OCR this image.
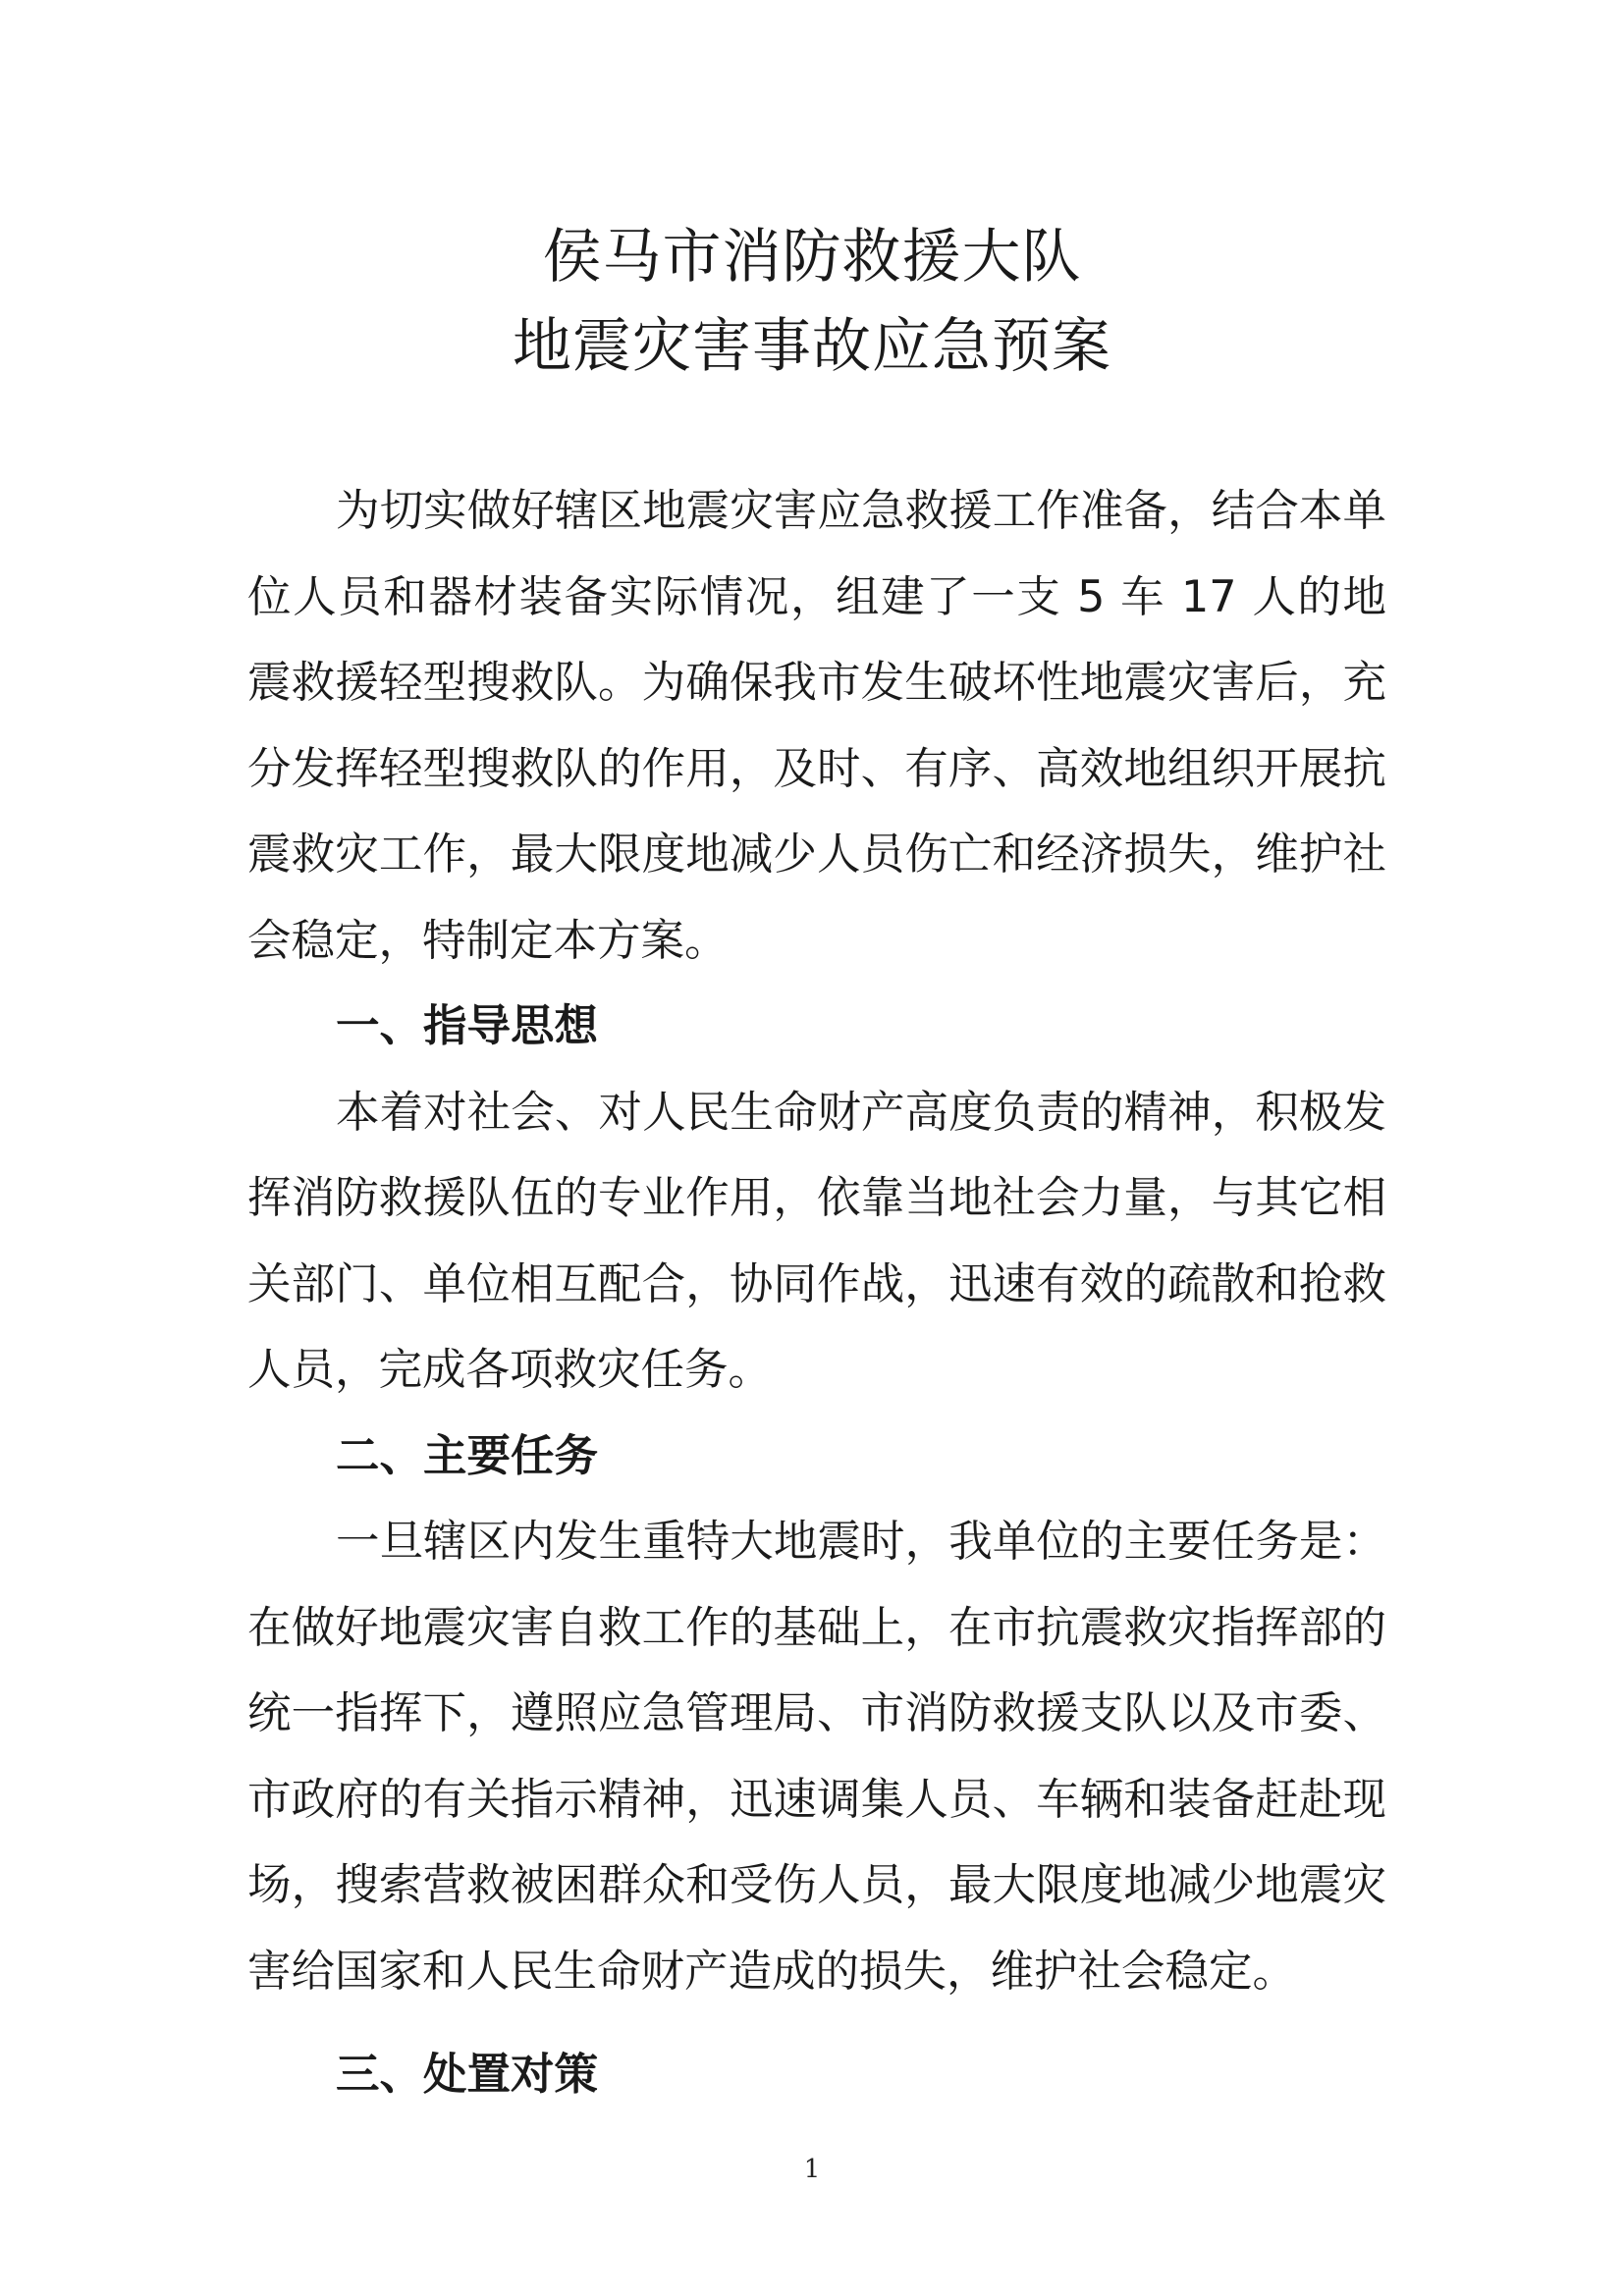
侯马市消防救援大队
地震灾害事故应急预案

为切实做好辖区地震灾害应急救援工作准备，结合本单位人员和器材装备实际情况，组建了一支 5 车 17 人的地震救援轻型搜救队。为确保我市发生破坏性地震灾害后，充分发挥轻型搜救队的作用，及时、有序、高效地组织开展抗震救灾工作，最大限度地减少人员伤亡和经济损失，维护社会稳定，特制定本方案。

一、指导思想

本着对社会、对人民生命财产高度负责的精神，积极发挥消防救援队伍的专业作用，依靠当地社会力量，与其它相关部门、单位相互配合，协同作战，迅速有效的疏散和抢救人员，完成各项救灾任务。

二、主要任务

一旦辖区内发生重特大地震时，我单位的主要任务是：在做好地震灾害自救工作的基础上，在市抗震救灾指挥部的统一指挥下，遵照应急管理局、市消防救援支队以及市委、市政府的有关指示精神，迅速调集人员、车辆和装备赶赴现场，搜索营救被困群众和受伤人员，最大限度地减少地震灾害给国家和人民生命财产造成的损失，维护社会稳定。

三、处置对策

1
